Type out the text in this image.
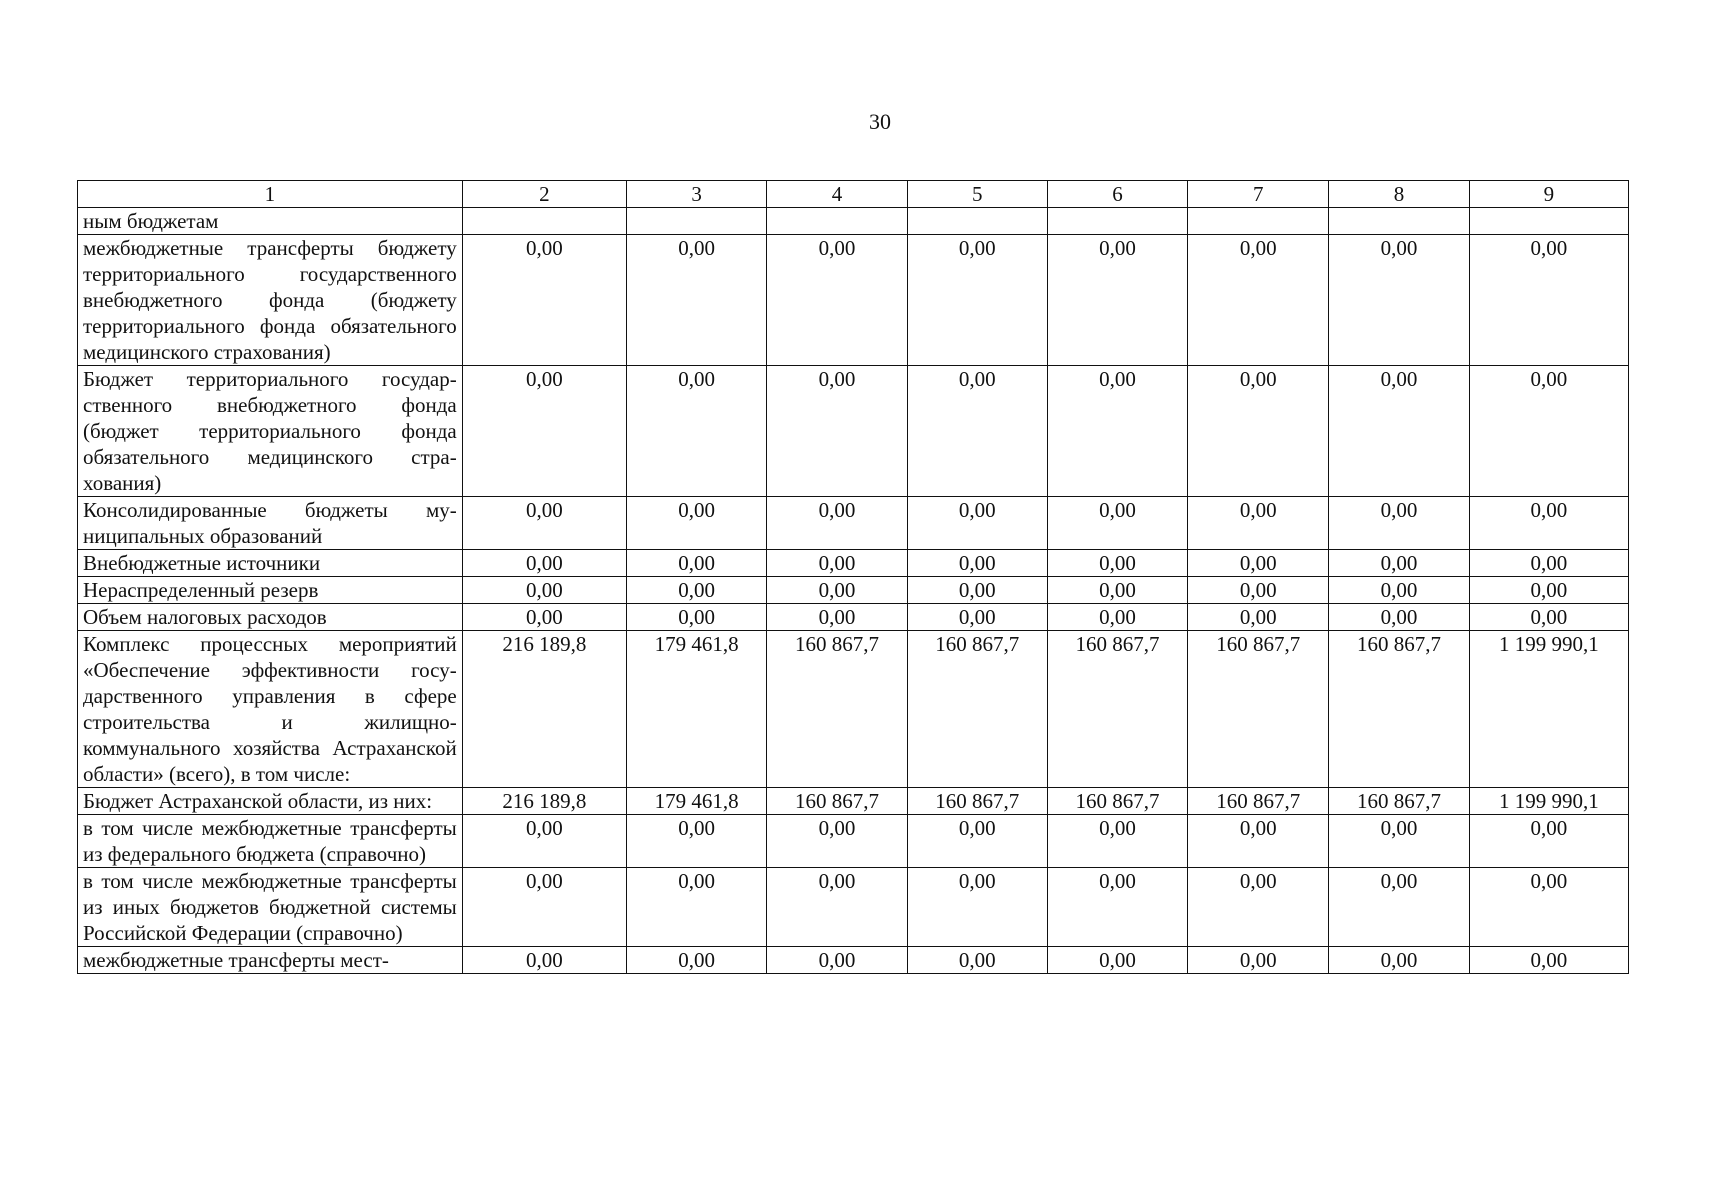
30
1	2	3	4	5	6	7	8	9
ным бюджетам								
межбюджетные трансферты бюджету территориального государственного внебюджетного фонда (бюджету территориального фонда обязательного медицинского страхования)	0,00	0,00	0,00	0,00	0,00	0,00	0,00	0,00
Бюджет территориального государственного внебюджетного фонда (бюджет территориального фонда обязательного медицинского страхования)	0,00	0,00	0,00	0,00	0,00	0,00	0,00	0,00
Консолидированные бюджеты муниципальных образований	0,00	0,00	0,00	0,00	0,00	0,00	0,00	0,00
Внебюджетные источники	0,00	0,00	0,00	0,00	0,00	0,00	0,00	0,00
Нераспределенный резерв	0,00	0,00	0,00	0,00	0,00	0,00	0,00	0,00
Объем налоговых расходов	0,00	0,00	0,00	0,00	0,00	0,00	0,00	0,00
Комплекс процессных мероприятий «Обеспечение эффективности государственного управления в сфере строительства и жилищно-коммунального хозяйства Астраханской области» (всего), в том числе:	216 189,8	179 461,8	160 867,7	160 867,7	160 867,7	160 867,7	160 867,7	1 199 990,1
Бюджет Астраханской области, из них:	216 189,8	179 461,8	160 867,7	160 867,7	160 867,7	160 867,7	160 867,7	1 199 990,1
в том числе межбюджетные трансферты из федерального бюджета (справочно)	0,00	0,00	0,00	0,00	0,00	0,00	0,00	0,00
в том числе межбюджетные трансферты из иных бюджетов бюджетной системы Российской Федерации (справочно)	0,00	0,00	0,00	0,00	0,00	0,00	0,00	0,00
межбюджетные трансферты мест-	0,00	0,00	0,00	0,00	0,00	0,00	0,00	0,00
